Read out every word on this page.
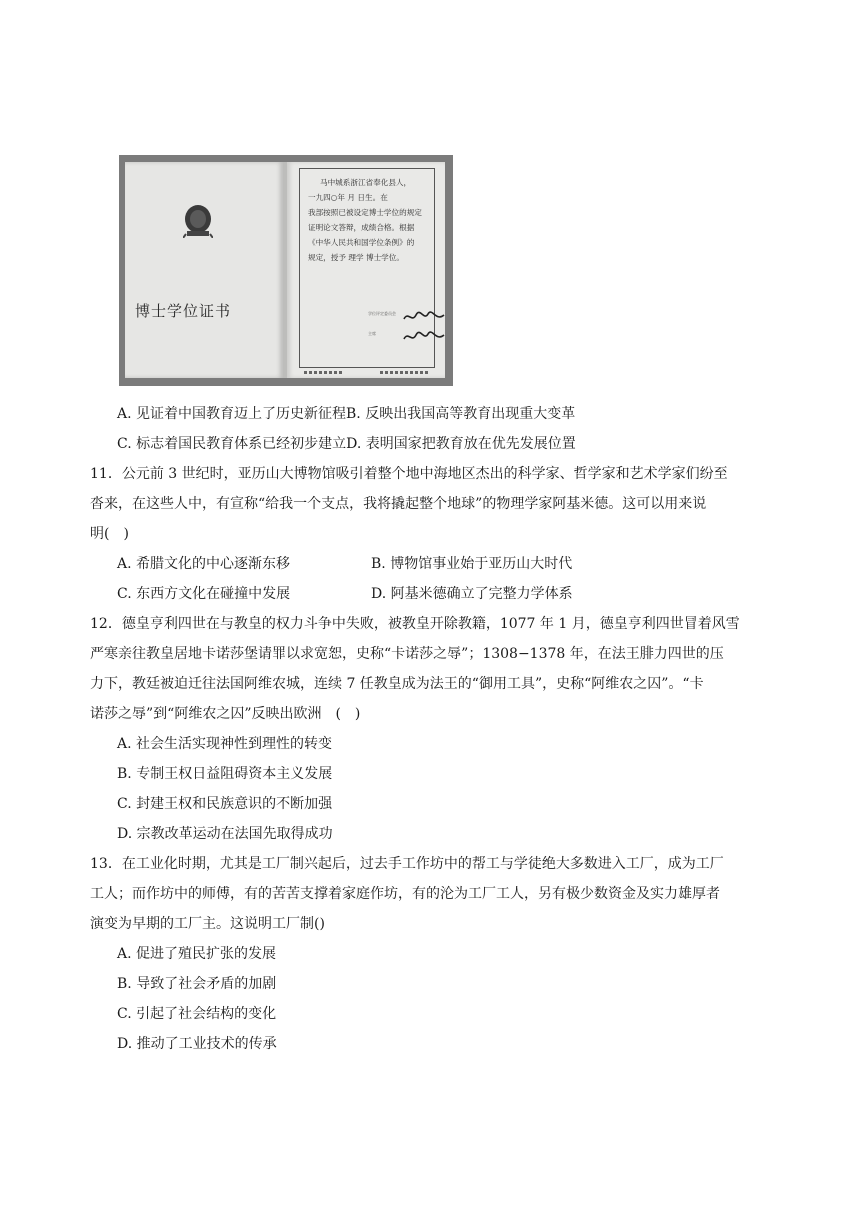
博士学位证书
马中城系浙江省奉化县人，
一九四○年 月 日生。在
我部按照已被设定博士学位的规定
证明论文答辩，成绩合格。根据
《中华人民共和国学位条例》的
规定，授予 理学 博士学位。
学位评定委员会
主席
A. 见证着中国教育迈上了历史新征程B. 反映出我国高等教育出现重大变革
C. 标志着国民教育体系已经初步建立D. 表明国家把教育放在优先发展位置
11．公元前 3 世纪时，亚历山大博物馆吸引着整个地中海地区杰出的科学家、哲学家和艺术学家们纷至
沓来，在这些人中，有宣称“给我一个支点，我将撬起整个地球”的物理学家阿基米德。这可以用来说
明(　)
A. 希腊文化的中心逐渐东移	B. 博物馆事业始于亚历山大时代
C. 东西方文化在碰撞中发展	D. 阿基米德确立了完整力学体系
12．德皇亨利四世在与教皇的权力斗争中失败，被教皇开除教籍，1077 年 1 月，德皇亨利四世冒着风雪
严寒亲往教皇居地卡诺莎堡请罪以求宽恕，史称“卡诺莎之辱”；1308−1378 年，在法王腓力四世的压
力下，教廷被迫迁往法国阿维农城，连续 7 任教皇成为法王的“御用工具”，史称“阿维农之囚”。“卡
诺莎之辱”到“阿维农之囚”反映出欧洲　(　)
A. 社会生活实现神性到理性的转变
B. 专制王权日益阻碍资本主义发展
C. 封建王权和民族意识的不断加强
D. 宗教改革运动在法国先取得成功
13．在工业化时期，尤其是工厂制兴起后，过去手工作坊中的帮工与学徒绝大多数进入工厂，成为工厂
工人；而作坊中的师傅，有的苦苦支撑着家庭作坊，有的沦为工厂工人，另有极少数资金及实力雄厚者
演变为早期的工厂主。这说明工厂制()
A. 促进了殖民扩张的发展
B. 导致了社会矛盾的加剧
C. 引起了社会结构的变化
D. 推动了工业技术的传承
